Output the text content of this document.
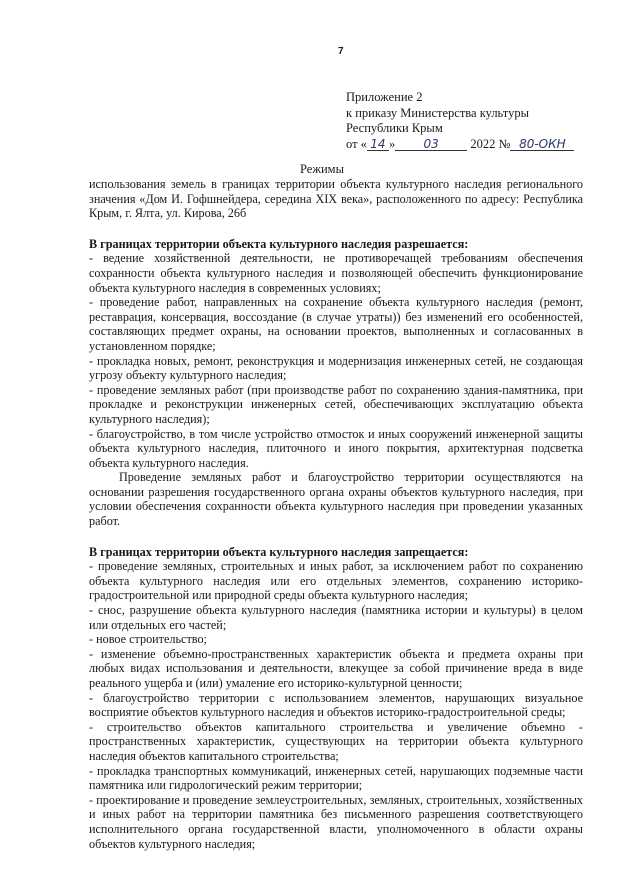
7
Приложение 2
к приказу Министерства культуры
Республики Крым
от « 14 » 03	2022 № 80-ОКН
Режимы

использования земель в границах территории объекта культурного наследия регионального значения «Дом И. Гофшнейдера, середина XIX века», расположенного по адресу: Республика Крым, г. Ялта, ул. Кирова, 26б

В границах территории объекта культурного наследия разрешается:

- ведение хозяйственной деятельности, не противоречащей требованиям обеспечения сохранности объекта культурного наследия и позволяющей обеспечить функционирование объекта культурного наследия в современных условиях;

- проведение работ, направленных на сохранение объекта культурного наследия (ремонт, реставрация, консервация, воссоздание (в случае утраты)) без изменений его особенностей, составляющих предмет охраны, на основании проектов, выполненных и согласованных в установленном порядке;

- прокладка новых, ремонт, реконструкция и модернизация инженерных сетей, не создающая угрозу объекту культурного наследия;

- проведение земляных работ (при производстве работ по сохранению здания-памятника, при прокладке и реконструкции инженерных сетей, обеспечивающих эксплуатацию объекта культурного наследия);

- благоустройство, в том числе устройство отмосток и иных сооружений инженерной защиты объекта культурного наследия, плиточного и иного покрытия, архитектурная подсветка объекта культурного наследия.

Проведение земляных работ и благоустройство территории осуществляются на основании разрешения государственного органа охраны объектов культурного наследия, при условии обеспечения сохранности объекта культурного наследия при проведении указанных работ.

В границах территории объекта культурного наследия запрещается:

- проведение земляных, строительных и иных работ, за исключением работ по сохранению объекта культурного наследия или его отдельных элементов, сохранению историко-градостроительной или природной среды объекта культурного наследия;

- снос, разрушение объекта культурного наследия (памятника истории и культуры) в целом или отдельных его частей;

- новое строительство;

- изменение объемно-пространственных характеристик объекта и предмета охраны при любых видах использования и деятельности, влекущее за собой причинение вреда в виде реального ущерба и (или) умаление его историко-культурной ценности;

- благоустройство территории с использованием элементов, нарушающих визуальное восприятие объектов культурного наследия и объектов историко-градостроительной среды;

- строительство объектов капитального строительства и увеличение объемно - пространственных характеристик, существующих на территории объекта культурного наследия объектов капитального строительства;

- прокладка транспортных коммуникаций, инженерных сетей, нарушающих подземные части памятника или гидрологический режим территории;

- проектирование и проведение землеустроительных, земляных, строительных, хозяйственных и иных работ на территории памятника без письменного разрешения соответствующего исполнительного органа государственной власти, уполномоченного в области охраны объектов культурного наследия;
